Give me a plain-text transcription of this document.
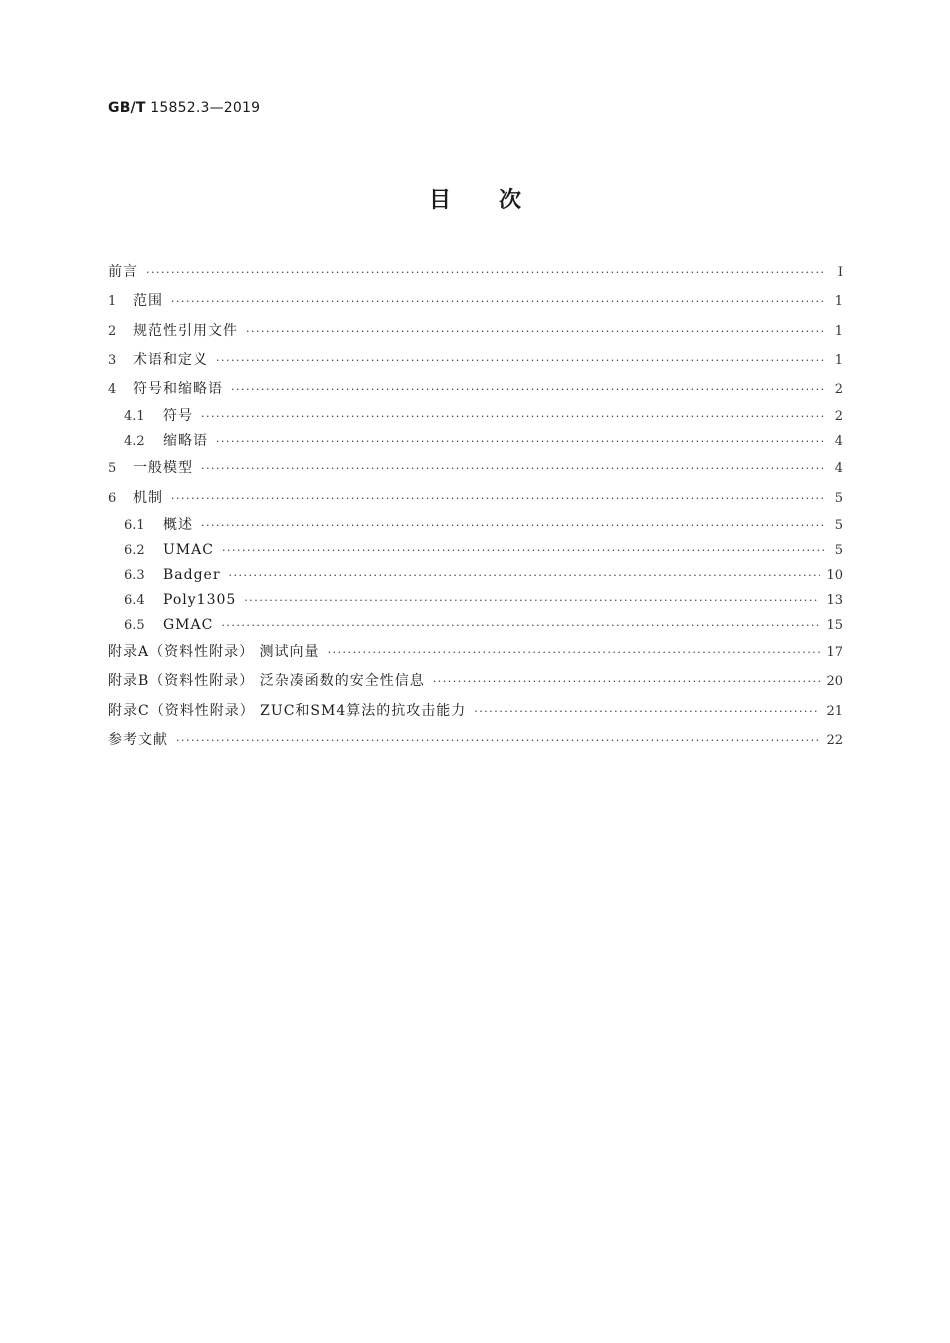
GB/T 15852.3—2019
目次
前言 ·····	Ⅰ
1	范围 ·····	1
2	规范性引用文件 ·····	1
3	术语和定义 ·····	1
4	符号和缩略语 ·····	2
4.1	符号 ·····	2
4.2	缩略语 ·····	4
5	一般模型 ·····	4
6	机制 ·····	5
6.1	概述 ·····	5
6.2	UMAC ·····	5
6.3	Badger ·····	10
6.4	Poly1305 ·····	13
6.5	GMAC ·····	15
附录A（资料性附录） 测试向量 ·····	17
附录B（资料性附录） 泛杂凑函数的安全性信息 ·····	20
附录C（资料性附录） ZUC和SM4算法的抗攻击能力 ·····	21
参考文献 ·····	22
